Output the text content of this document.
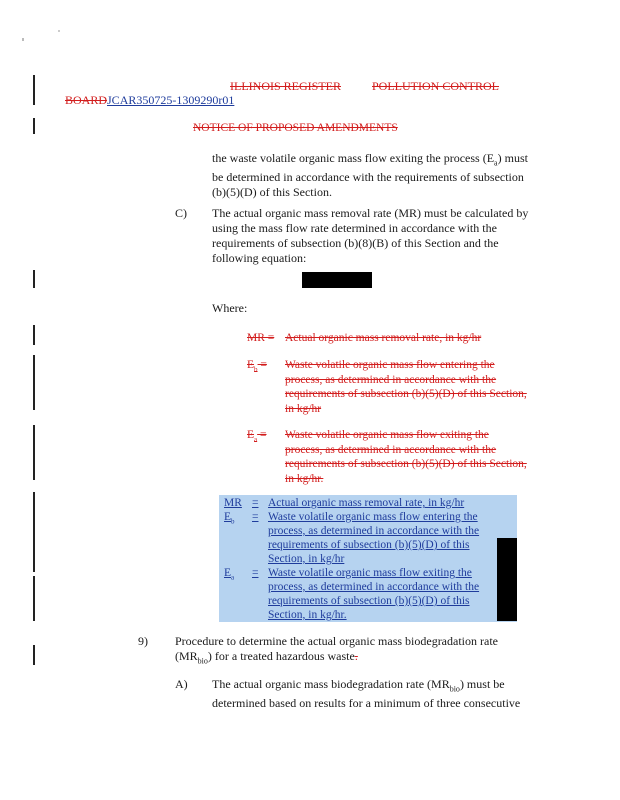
ILLINOIS REGISTER	POLLUTION CONTROL
BOARDJCAR350725-1309290r01
NOTICE OF PROPOSED AMENDMENTS
the waste volatile organic mass flow exiting the process $(E_a)$ must
be determined in accordance with the requirements of subsection
(b)(5)(D) of this Section.
C) The actual organic mass removal rate (MR) must be calculated by
using the mass flow rate determined in accordance with the
requirements of subsection (b)(8)(B) of this Section and the
following equation:
Where:
MR = Actual organic mass removal rate, in kg/hr
$E_b$ = Waste volatile organic mass flow entering the
process, as determined in accordance with the
requirements of subsection (b)(5)(D) of this Section,
in kg/hr
$E_a$ = Waste volatile organic mass flow exiting the
process, as determined in accordance with the
requirements of subsection (b)(5)(D) of this Section,
in kg/hr.
MR = Actual organic mass removal rate, in kg/hr
$E_b$ = Waste volatile organic mass flow entering the
process, as determined in accordance with the
requirements of subsection (b)(5)(D) of this
Section, in kg/hr
$E_a$ = Waste volatile organic mass flow exiting the
process, as determined in accordance with the
requirements of subsection (b)(5)(D) of this
Section, in kg/hr.
9) Procedure to determine the actual organic mass biodegradation rate
$(MR_{bio})$ for a treated hazardous waste.
A) The actual organic mass biodegradation rate $(MR_{bio})$ must be
determined based on results for a minimum of three consecutive
